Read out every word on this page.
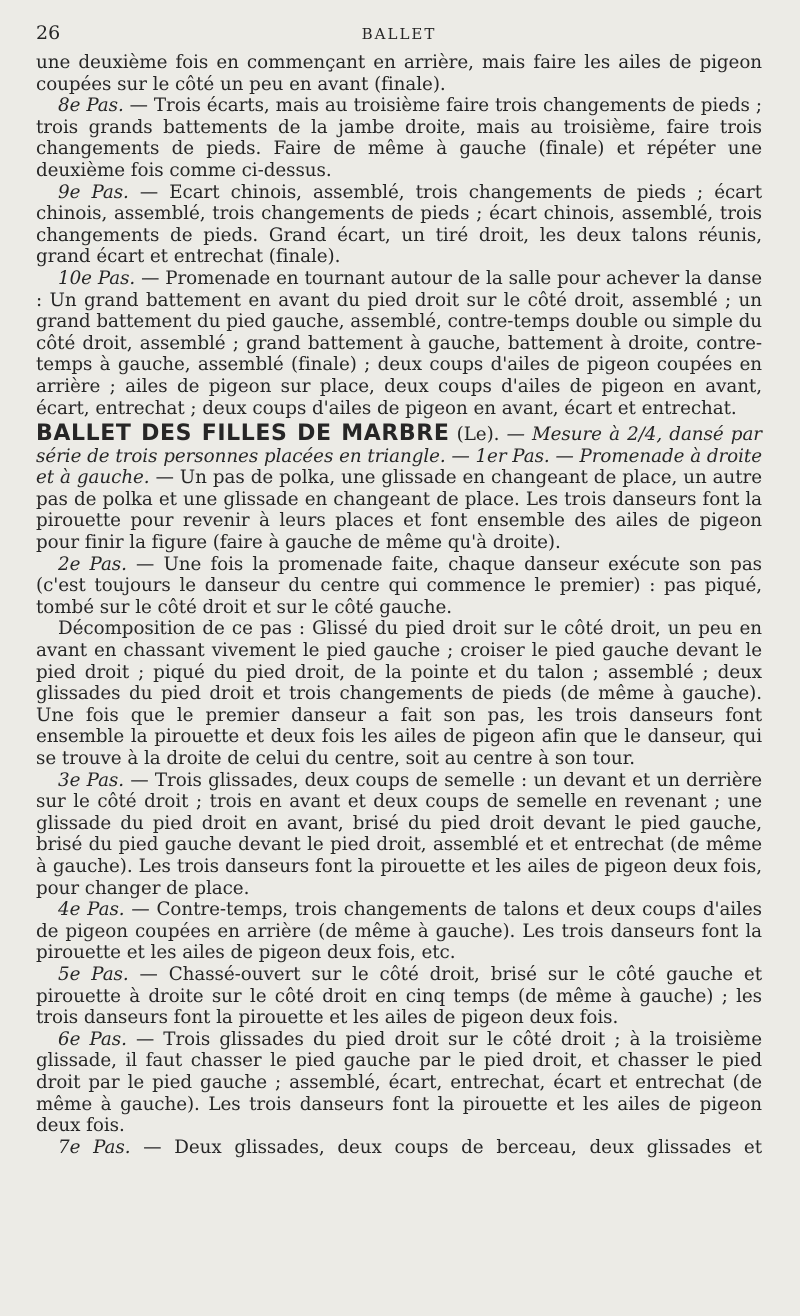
26	BALLET

une deuxième fois en commençant en arrière, mais faire les ailes de pigeon coupées sur le côté un peu en avant (finale).

8e Pas. — Trois écarts, mais au troisième faire trois changements de pieds ; trois grands battements de la jambe droite, mais au troisième, faire trois changements de pieds. Faire de même à gauche (finale) et répéter une deuxième fois comme ci-dessus.

9e Pas. — Ecart chinois, assemblé, trois changements de pieds ; écart chinois, assemblé, trois changements de pieds ; écart chinois, assemblé, trois changements de pieds. Grand écart, un tiré droit, les deux talons réunis, grand écart et entrechat (finale).

10e Pas. — Promenade en tournant autour de la salle pour achever la danse : Un grand battement en avant du pied droit sur le côté droit, assemblé ; un grand battement du pied gauche, assemblé, contre-temps double ou simple du côté droit, assemblé ; grand battement à gauche, battement à droite, contre-temps à gauche, assemblé (finale) ; deux coups d'ailes de pigeon coupées en arrière ; ailes de pigeon sur place, deux coups d'ailes de pigeon en avant, écart, entrechat ; deux coups d'ailes de pigeon en avant, écart et entrechat.

BALLET DES FILLES DE MARBRE (Le). — Mesure à 2/4, dansé par série de trois personnes placées en triangle. — 1er Pas. — Promenade à droite et à gauche. — Un pas de polka, une glissade en changeant de place, un autre pas de polka et une glissade en changeant de place. Les trois danseurs font la pirouette pour revenir à leurs places et font ensemble des ailes de pigeon pour finir la figure (faire à gauche de même qu'à droite).

2e Pas. — Une fois la promenade faite, chaque danseur exécute son pas (c'est toujours le danseur du centre qui commence le premier) : pas piqué, tombé sur le côté droit et sur le côté gauche.

Décomposition de ce pas : Glissé du pied droit sur le côté droit, un peu en avant en chassant vivement le pied gauche ; croiser le pied gauche devant le pied droit ; piqué du pied droit, de la pointe et du talon ; assemblé ; deux glissades du pied droit et trois changements de pieds (de même à gauche). Une fois que le premier danseur a fait son pas, les trois danseurs font ensemble la pirouette et deux fois les ailes de pigeon afin que le danseur, qui se trouve à la droite de celui du centre, soit au centre à son tour.

3e Pas. — Trois glissades, deux coups de semelle : un devant et un derrière sur le côté droit ; trois en avant et deux coups de semelle en revenant ; une glissade du pied droit en avant, brisé du pied droit devant le pied gauche, brisé du pied gauche devant le pied droit, assemblé et et entrechat (de même à gauche). Les trois danseurs font la pirouette et les ailes de pigeon deux fois, pour changer de place.

4e Pas. — Contre-temps, trois changements de talons et deux coups d'ailes de pigeon coupées en arrière (de même à gauche). Les trois danseurs font la pirouette et les ailes de pigeon deux fois, etc.

5e Pas. — Chassé-ouvert sur le côté droit, brisé sur le côté gauche et pirouette à droite sur le côté droit en cinq temps (de même à gauche) ; les trois danseurs font la pirouette et les ailes de pigeon deux fois.

6e Pas. — Trois glissades du pied droit sur le côté droit ; à la troisième glissade, il faut chasser le pied gauche par le pied droit, et chasser le pied droit par le pied gauche ; assemblé, écart, entrechat, écart et entrechat (de même à gauche). Les trois danseurs font la pirouette et les ailes de pigeon deux fois.

7e Pas. — Deux glissades, deux coups de berceau, deux glissades et
